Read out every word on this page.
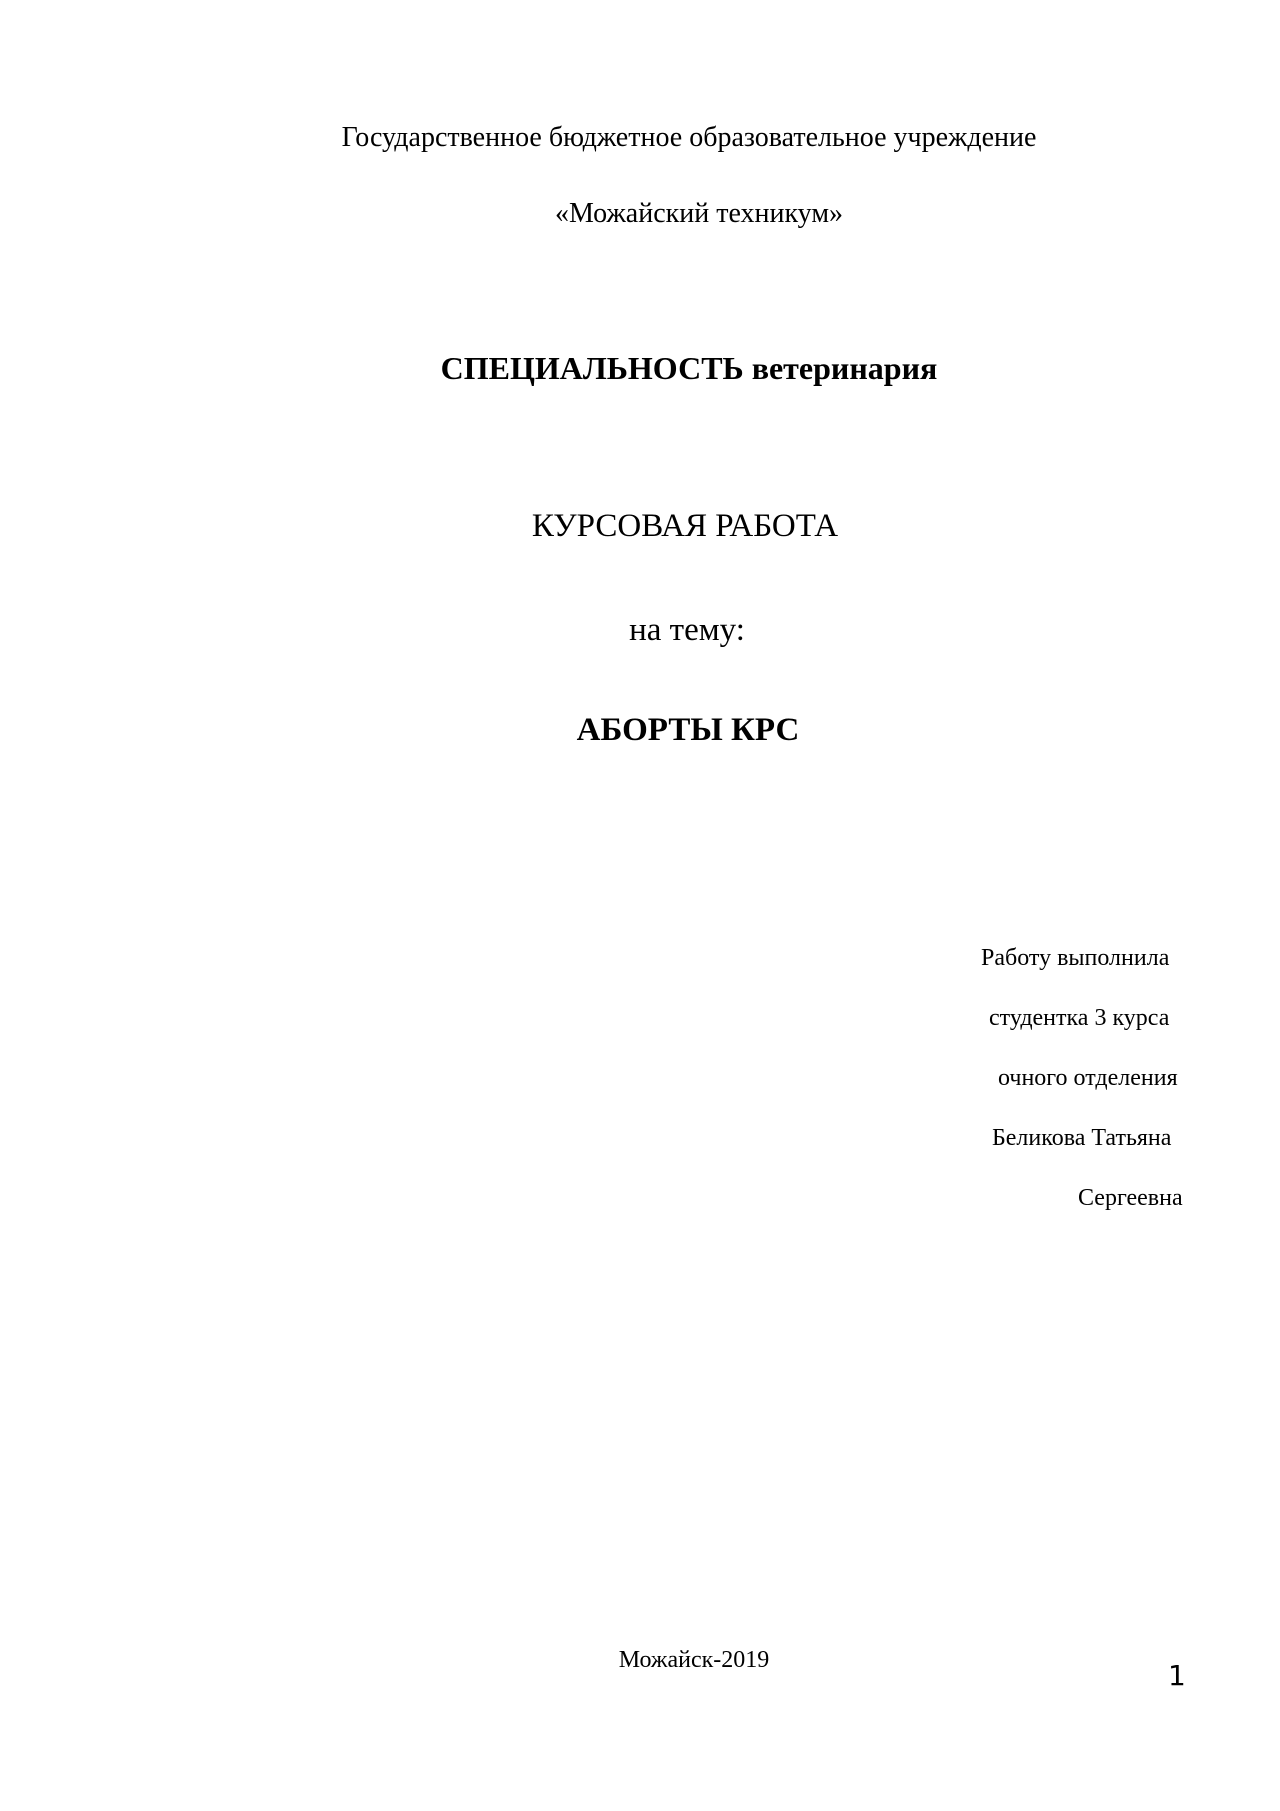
Государственное бюджетное образовательное учреждение
«Можайский техникум»
СПЕЦИАЛЬНОСТЬ ветеринария
КУРСОВАЯ РАБОТА
на тему:
АБОРТЫ КРС
Работу выполнила
студентка 3 курса
очного отделения
Беликова Татьяна
Сергеевна
Можайск-2019	1
